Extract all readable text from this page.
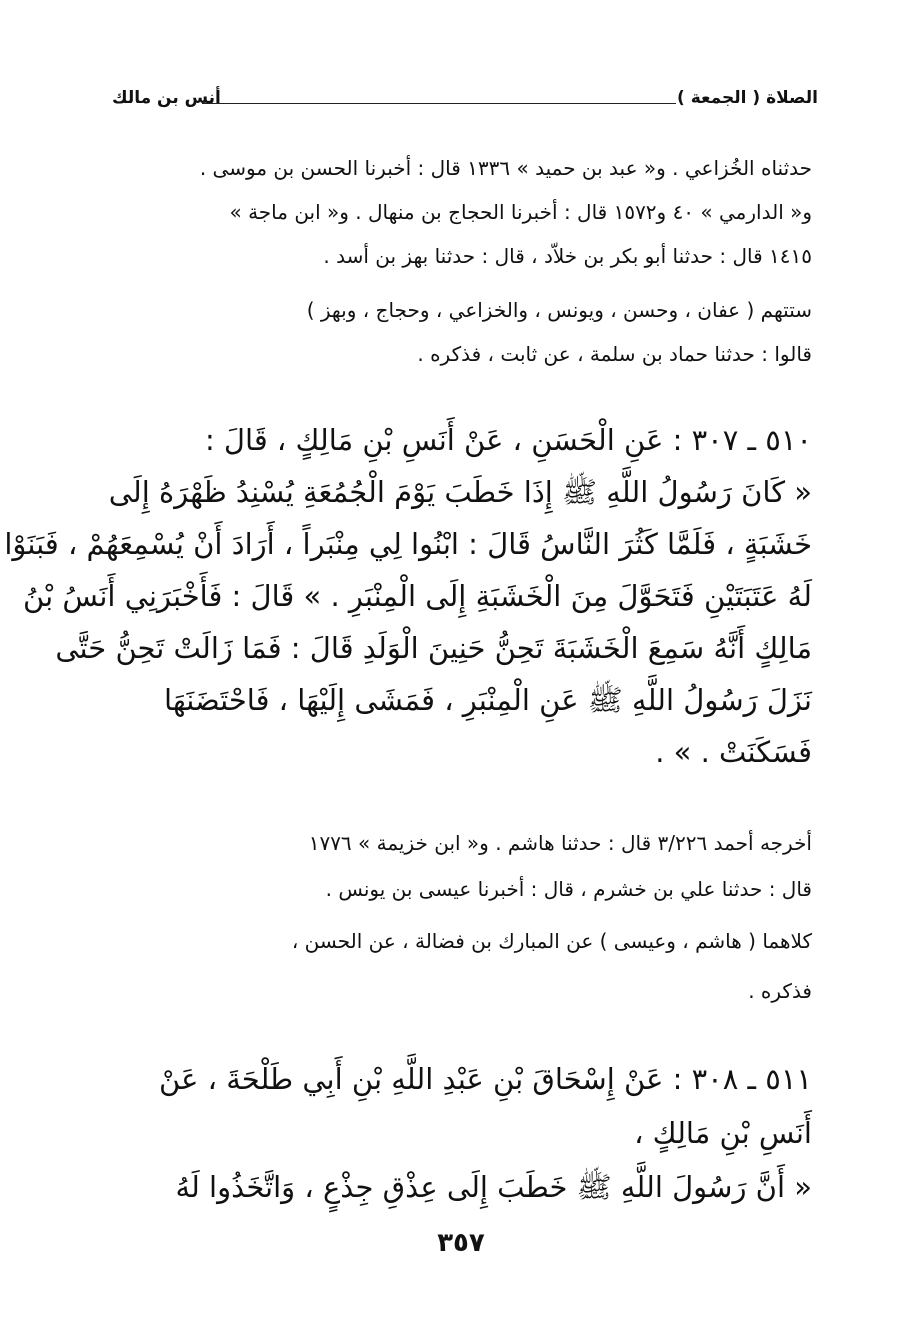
الصلاة ( الجمعة )
أنس بن مالك
حدثناه الخُزاعي . و« عبد بن حميد » ١٣٣٦ قال : أخبرنا الحسن بن موسى .
و« الدارمي » ٤٠ و١٥٧٢ قال : أخبرنا الحجاج بن منهال . و« ابن ماجة »
١٤١٥ قال : حدثنا أبو بكر بن خلاّد ، قال : حدثنا بهز بن أسد .
ستتهم ( عفان ، وحسن ، ويونس ، والخزاعي ، وحجاج ، وبهز )
قالوا : حدثنا حماد بن سلمة ، عن ثابت ، فذكره .
٥١٠ ـ ٣٠٧ : عَنِ الْحَسَنِ ، عَنْ أَنَسِ بْنِ مَالِكٍ ، قَالَ :
« كَانَ رَسُولُ اللَّهِ ﷺ إِذَا خَطَبَ يَوْمَ الْجُمُعَةِ يُسْنِدُ ظَهْرَهُ إِلَى
خَشَبَةٍ ، فَلَمَّا كَثُرَ النَّاسُ قَالَ : ابْنُوا لِي مِنْبَراً ، أَرَادَ أَنْ يُسْمِعَهُمْ ، فَبَنَوْا
لَهُ عَتَبَتَيْنِ فَتَحَوَّلَ مِنَ الْخَشَبَةِ إِلَى الْمِنْبَرِ . » قَالَ : فَأَخْبَرَنِي أَنَسُ بْنُ
مَالِكٍ أَنَّهُ سَمِعَ الْخَشَبَةَ تَحِنُّ حَنِينَ الْوَلَدِ قَالَ : فَمَا زَالَتْ تَحِنُّ حَتَّى
نَزَلَ رَسُولُ اللَّهِ ﷺ عَنِ الْمِنْبَرِ ، فَمَشَى إِلَيْهَا ، فَاحْتَضَنَهَا
فَسَكَنَتْ . » .
أخرجه أحمد ٣/٢٢٦ قال : حدثنا هاشم . و« ابن خزيمة » ١٧٧٦
قال : حدثنا علي بن خشرم ، قال : أخبرنا عيسى بن يونس .
كلاهما ( هاشم ، وعيسى ) عن المبارك بن فضالة ، عن الحسن ،
فذكره .
٥١١ ـ ٣٠٨ : عَنْ إِسْحَاقَ بْنِ عَبْدِ اللَّهِ بْنِ أَبِي طَلْحَةَ ، عَنْ
أَنَسِ بْنِ مَالِكٍ ،
« أَنَّ رَسُولَ اللَّهِ ﷺ خَطَبَ إِلَى عِذْقِ جِذْعٍ ، وَاتَّخَذُوا لَهُ
٣٥٧
